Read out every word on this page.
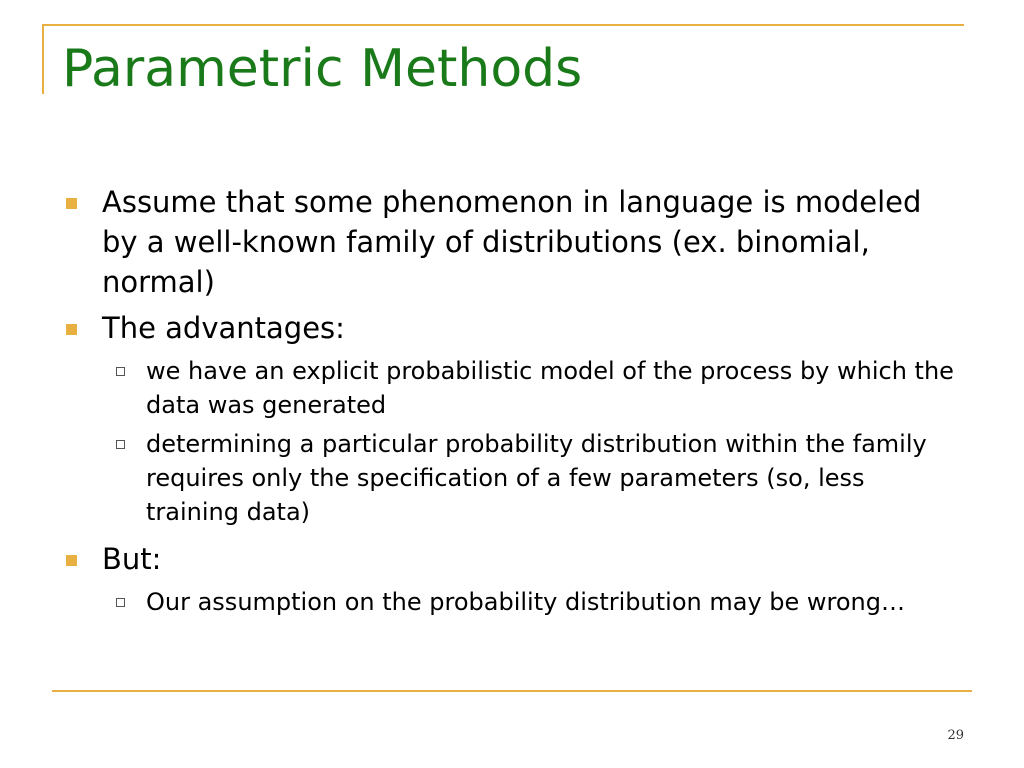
Parametric Methods
Assume that some phenomenon in language is modeled by a well-known family of distributions (ex. binomial, normal)
The advantages:
we have an explicit probabilistic model of the process by which the data was generated
determining a particular probability distribution within the family requires only the specification of a few parameters (so, less training data)
But:
Our assumption on the probability distribution may be wrong…
29
